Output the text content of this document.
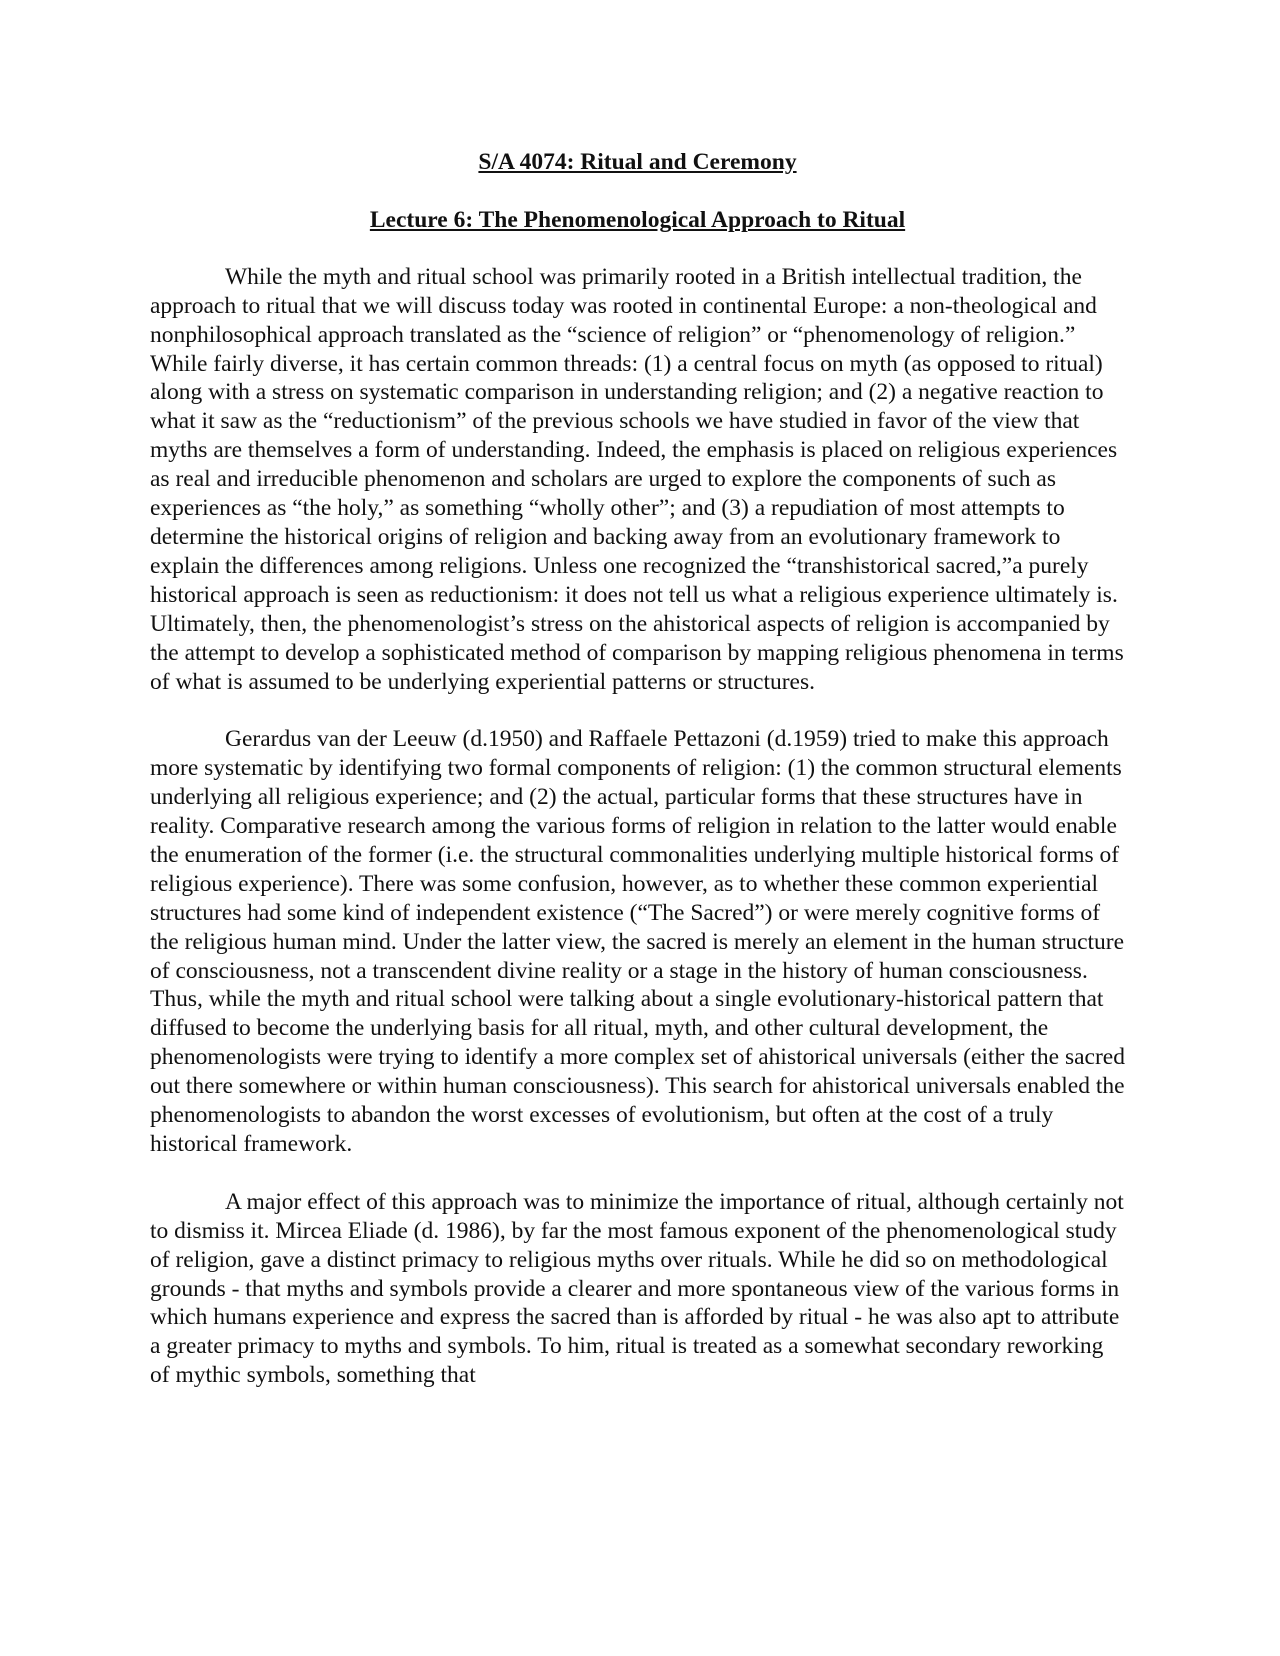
S/A 4074: Ritual and Ceremony

Lecture 6: The Phenomenological Approach to Ritual

While the myth and ritual school was primarily rooted in a British intellectual tradition, the approach to ritual that we will discuss today was rooted in continental Europe: a non-theological and nonphilosophical approach translated as the “science of religion” or “phenomenology of religion.” While fairly diverse, it has certain common threads: (1) a central focus on myth (as opposed to ritual) along with a stress on systematic comparison in understanding religion; and (2) a negative reaction to what it saw as the “reductionism” of the previous schools we have studied in favor of the view that myths are themselves a form of understanding. Indeed, the emphasis is placed on religious experiences as real and irreducible phenomenon and scholars are urged to explore the components of such as experiences as “the holy,” as something “wholly other”; and (3) a repudiation of most attempts to determine the historical origins of religion and backing away from an evolutionary framework to explain the differences among religions. Unless one recognized the “transhistorical sacred,”a purely historical approach is seen as reductionism: it does not tell us what a religious experience ultimately is. Ultimately, then, the phenomenologist’s stress on the ahistorical aspects of religion is accompanied by the attempt to develop a sophisticated method of comparison by mapping religious phenomena in terms of what is assumed to be underlying experiential patterns or structures.

Gerardus van der Leeuw (d.1950) and Raffaele Pettazoni (d.1959) tried to make this approach more systematic by identifying two formal components of religion: (1) the common structural elements underlying all religious experience; and (2) the actual, particular forms that these structures have in reality. Comparative research among the various forms of religion in relation to the latter would enable the enumeration of the former (i.e. the structural commonalities underlying multiple historical forms of religious experience). There was some confusion, however, as to whether these common experiential structures had some kind of independent existence (“The Sacred”) or were merely cognitive forms of the religious human mind. Under the latter view, the sacred is merely an element in the human structure of consciousness, not a transcendent divine reality or a stage in the history of human consciousness. Thus, while the myth and ritual school were talking about a single evolutionary-historical pattern that diffused to become the underlying basis for all ritual, myth, and other cultural development, the phenomenologists were trying to identify a more complex set of ahistorical universals (either the sacred out there somewhere or within human consciousness). This search for ahistorical universals enabled the phenomenologists to abandon the worst excesses of evolutionism, but often at the cost of a truly historical framework.

A major effect of this approach was to minimize the importance of ritual, although certainly not to dismiss it. Mircea Eliade (d. 1986), by far the most famous exponent of the phenomenological study of religion, gave a distinct primacy to religious myths over rituals. While he did so on methodological grounds - that myths and symbols provide a clearer and more spontaneous view of the various forms in which humans experience and express the sacred than is afforded by ritual - he was also apt to attribute a greater primacy to myths and symbols. To him, ritual is treated as a somewhat secondary reworking of mythic symbols, something that
